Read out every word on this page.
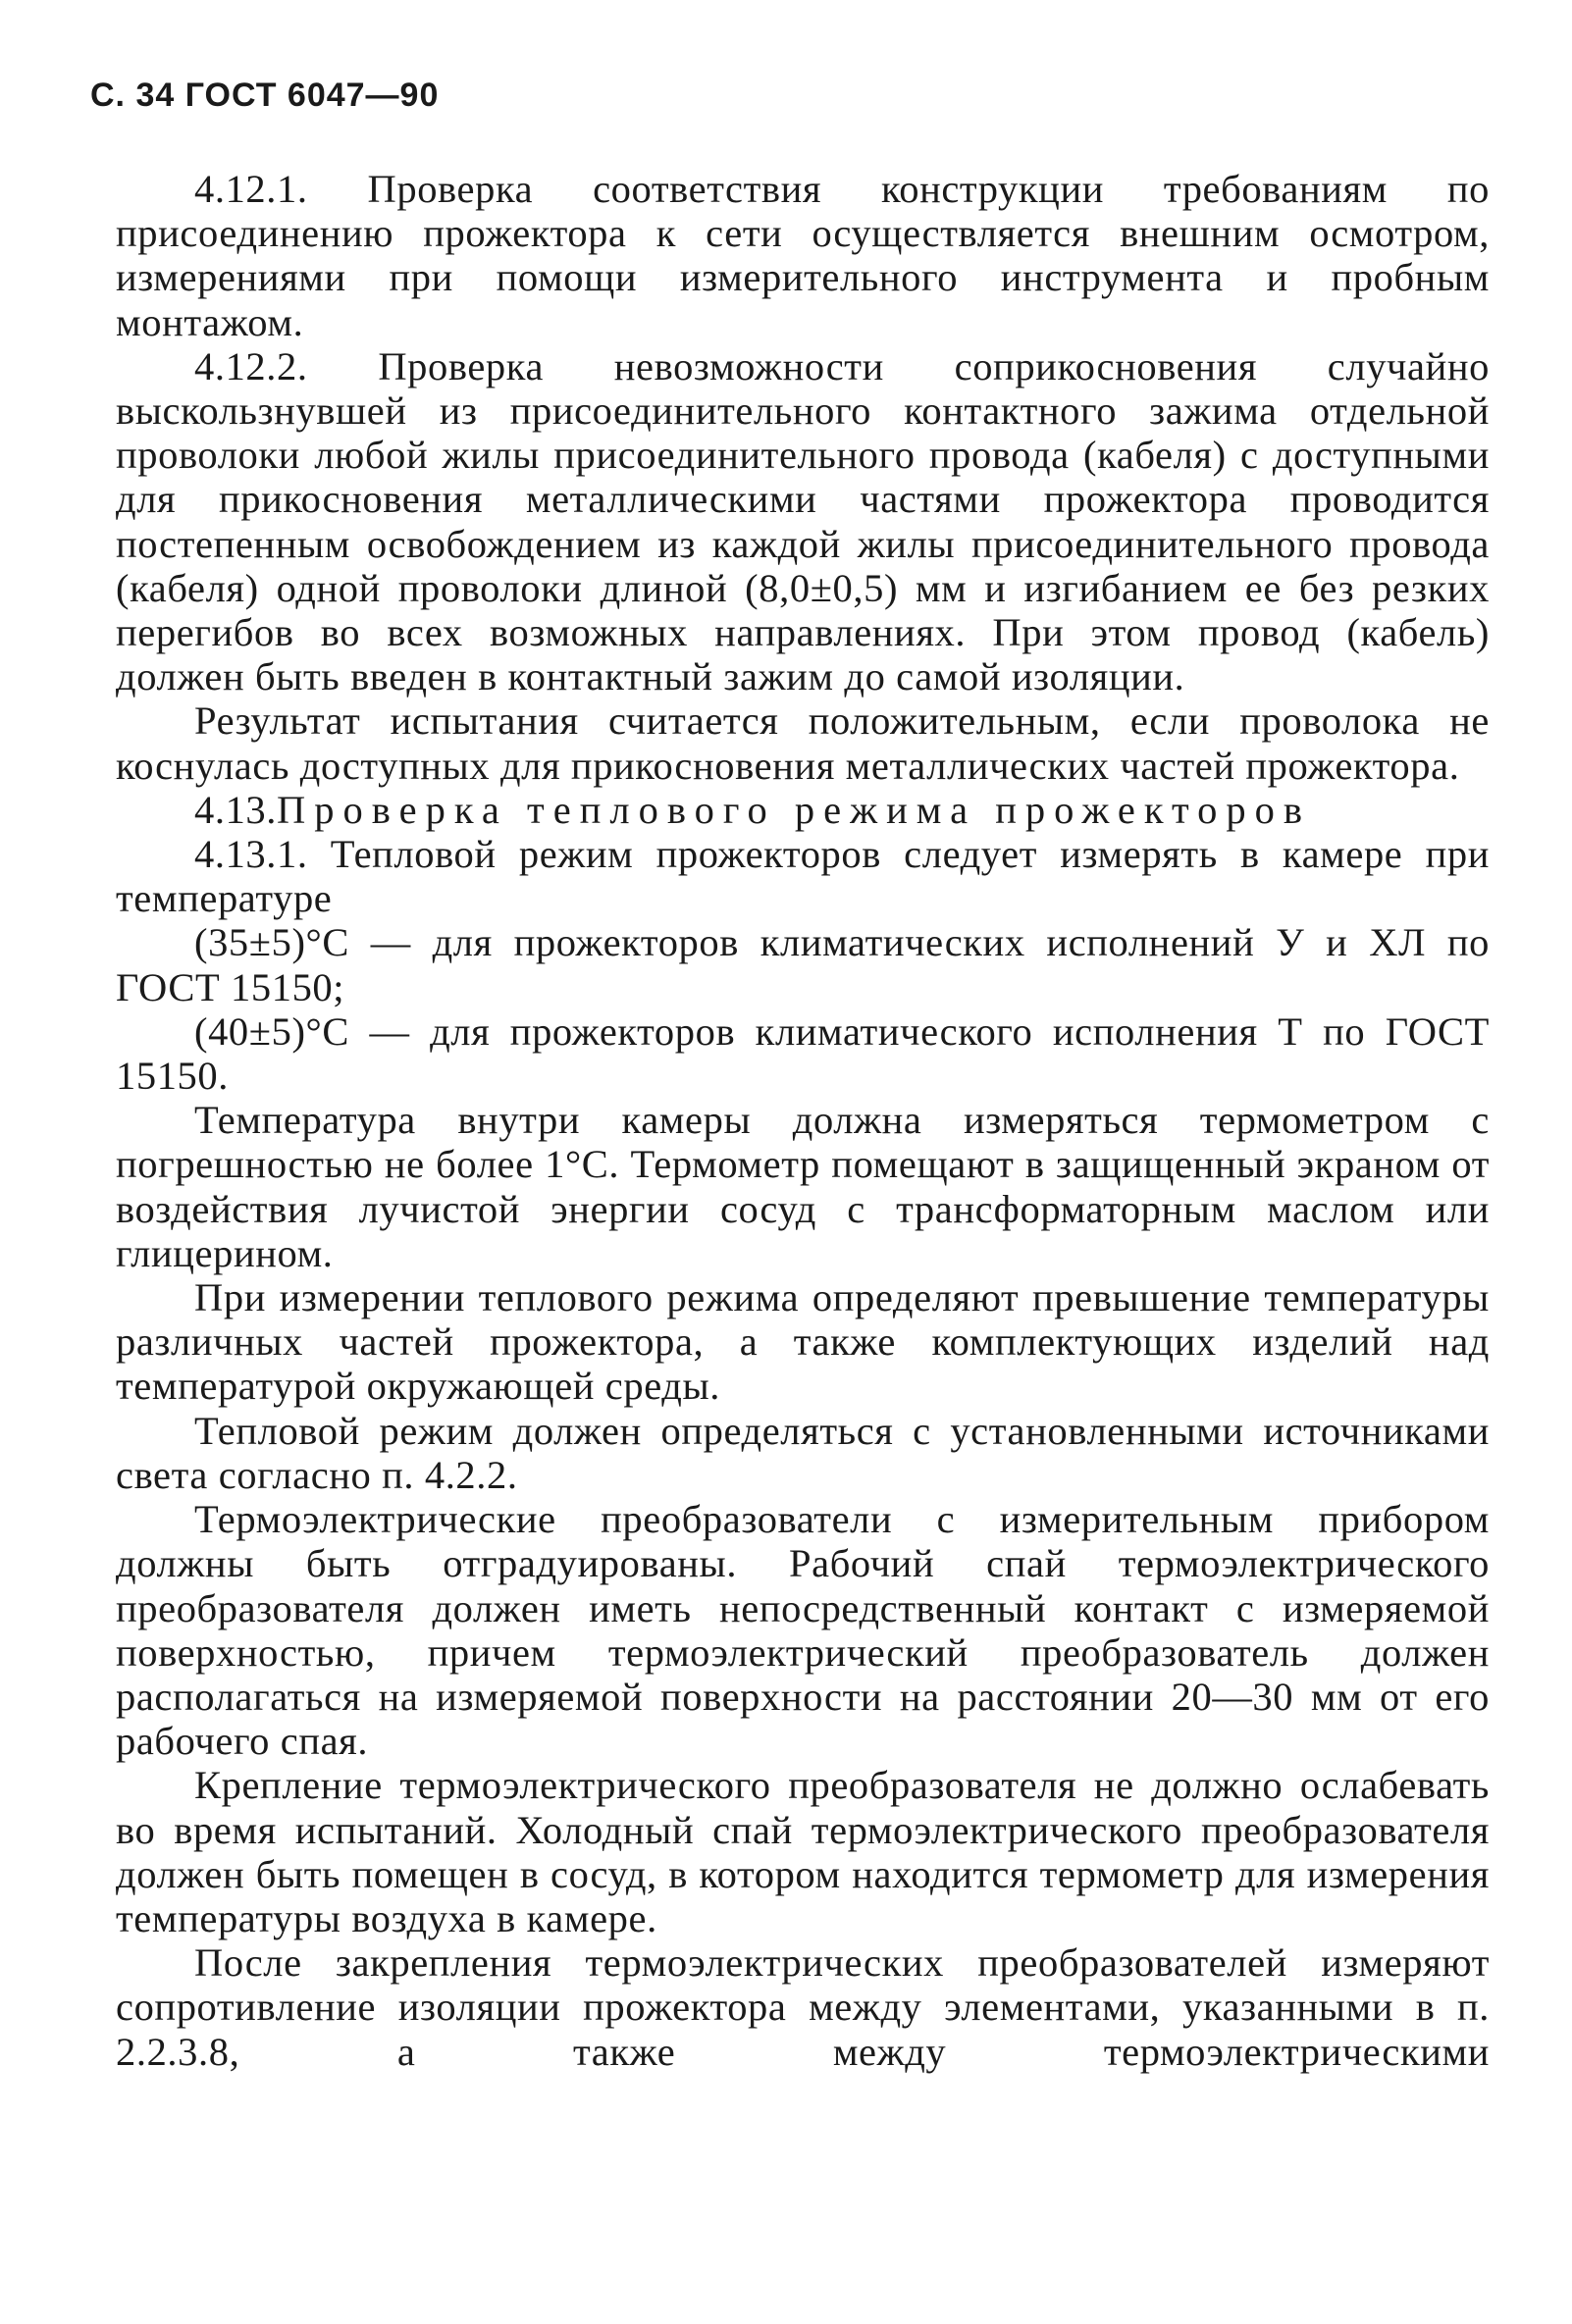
С. 34 ГОСТ 6047—90

4.12.1. Проверка соответствия конструкции требованиям по присоединению прожектора к сети осуществляется внешним осмотром, измерениями при помощи измерительного инструмента и пробным монтажом.

4.12.2. Проверка невозможности соприкосновения случайно выскользнувшей из присоединительного контактного зажима отдельной проволоки любой жилы присоединительного провода (кабеля) с доступными для прикосновения металлическими частями прожектора проводится постепенным освобождением из каждой жилы присоединительного провода (кабеля) одной проволоки длиной (8,0±0,5) мм и изгибанием ее без резких перегибов во всех возможных направлениях. При этом провод (кабель) должен быть введен в контактный зажим до самой изоляции.

Результат испытания считается положительным, если проволока не коснулась доступных для прикосновения металлических частей прожектора.

4.13.Проверка теплового режима прожекторов

4.13.1. Тепловой режим прожекторов следует измерять в камере при температуре

(35±5)°С — для прожекторов климатических исполнений У и ХЛ по ГОСТ 15150;

(40±5)°С — для прожекторов климатического исполнения Т по ГОСТ 15150.

Температура внутри камеры должна измеряться термометром с погрешностью не более 1°С. Термометр помещают в защищенный экраном от воздействия лучистой энергии сосуд с трансформаторным маслом или глицерином.

При измерении теплового режима определяют превышение температуры различных частей прожектора, а также комплектующих изделий над температурой окружающей среды.

Тепловой режим должен определяться с установленными источниками света согласно п. 4.2.2.

Термоэлектрические преобразователи с измерительным прибором должны быть отградуированы. Рабочий спай термоэлектрического преобразователя должен иметь непосредственный контакт с измеряемой поверхностью, причем термоэлектрический преобразователь должен располагаться на измеряемой поверхности на расстоянии 20—30 мм от его рабочего спая.

Крепление термоэлектрического преобразователя не должно ослабевать во время испытаний. Холодный спай термоэлектрического преобразователя должен быть помещен в сосуд, в котором находится термометр для измерения температуры воздуха в камере.

После закрепления термоэлектрических преобразователей измеряют сопротивление изоляции прожектора между элементами, указанными в п. 2.2.3.8, а также между термоэлектрическими
